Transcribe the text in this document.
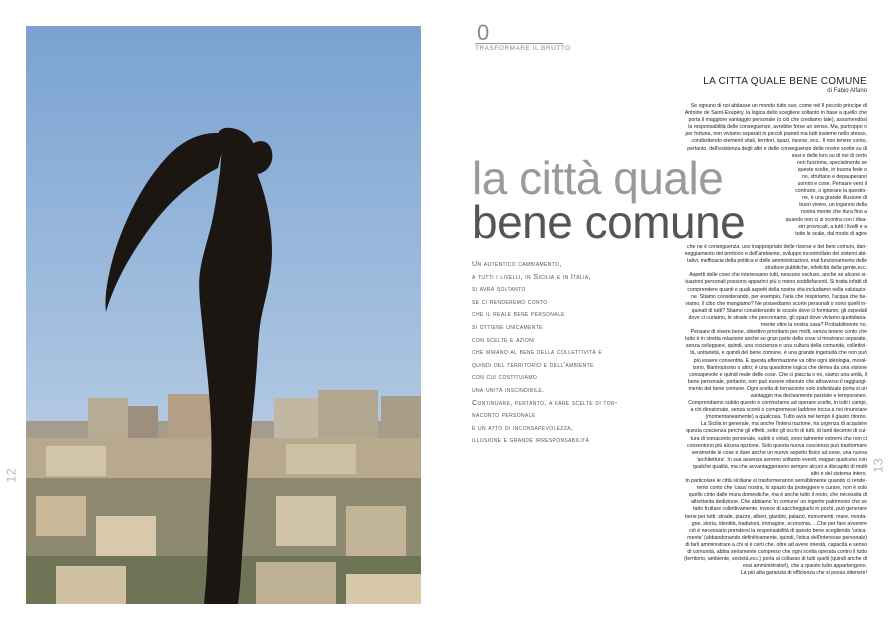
12
13
0
TRASFORMARE IL BRUTTO
LA CITTA QUALE BENE COMUNE
di Fabio Alfano
la città quale
bene comune
Un autentico cambiamento,
a tutti i livelli, in Sicilia e in Italia,
si avrà soltanto
se ci renderemo conto
che il reale bene personale
si ottiene unicamente
con scelte e azioni
che mirano al bene della collettività e
quindi del territorio e dell'ambiente
con cui costituiamo
una unità inscindibile.
Continuare, pertanto, a fare scelte di tor-
naconto personale
è un atto di inconsapevolezza,
illusione e grande irresponsabilità

Se ognuno di noi abitasse un mondo tutto suo, come nel Il piccolo principe di

Antoine de Saint-Exupéry, la logica dello scegliere soltanto in base a quello che

porta il maggiore vantaggio personale (o ciò che crediamo tale), assumendosi

la responsabilità delle conseguenze, avrebbe forse un senso. Ma, purtroppo o

per fortuna, non viviamo separati in piccoli pianeti ma tutti insieme nello stesso,

condividendo elementi vitali, territori, spazi, risorse, ecc.. Il non tenere conto,

pertanto, dell'esistenza degli altri e delle conseguenze delle nostre scelte su di

essi e delle loro su di noi di certo

non funziona, specialmente se

queste scelte, in buona fede o

no, sfruttano e depauperano

uomini e cose. Pensare vero il

contrario, o ignorare la questio-

ne, è una grande illusione di

buon vivere, un inganno della

nostra mente che dura fino a

quando non ci si scontra con i disa-

stri provocati, a tutti i livelli e a

tutte le scale, dal modo di agire

che ne è conseguenza: uso inappropriato delle risorse e dei beni comuni, dan-

neggiamento del territorio e dell'ambiente, sviluppo incontrollato dei sistemi abi-

tativi, inefficacia della politica e delle amministrazioni, mal funzionamento delle

strutture pubbliche, infelicità della gente,ecc.

Aspetti delle cose che interessano tutti, nessuno escluso, anche se alcune si-

tuazioni personali possono apparirci più o meno soddisfacenti. Si tratta infatti di

comprendere quanti e quali aspetti della nostra vita includiamo nella valutazio-

ne. Stiamo considerando, per esempio, l'aria che respiriamo, l'acqua che be-

viamo, il cibo che mangiamo? Ne possediamo scorte personali o sono quelli in-

quinati di tutti? Stiamo considerando le scuole dove ci formiamo, gli ospedali

dove ci curiamo, le strade che percorriamo, gli spazi dove viviamo quotidiana-

mente oltre la nostra casa? Probabilmente no.

Pensare di vivere bene, obiettivo prioritario per molti, senza tenere conto che

tutto è in stretta relazione anche se gran parte delle cose si mostrano separate,

senza sviluppare, quindi, una coscienza e una cultura della comunità, collettivi-

tà, unitarietà, e quindi del bene comune, è una grande ingenuità che non può

più essere consentita. E questa affermazione va oltre ogni ideologia, moral-

ismo, filantropismo o altro; è una questione logica che deriva da una visione

consapevole e quindi reale delle cose. Che ci piaccia o no, siamo una unità, il

bene personale, pertanto, non può essere ottenuto che attraverso il raggiungi-

mento del bene comune. Ogni scelta di tornaconto solo individuale porta si un

vantaggio ma decisamente parziale e temporaneo.

Comprendiamo subito questo e cominciamo ad operare scelte, in tutti i campi,

a ciò direzionate, senza sconti o compromessi laddove tocca a noi rinunciare

(momentaneamente) a qualcosa. Tutto avrà nel tempo il giusto ritorno.

La Sicilia in generale, ma anche l'intera nazione, ha urgenza di acquisire

questa coscienza perché gli effetti, sotto gli occhi di tutti, di tanti decenni di cul-

tura di tornaconto personale, subiti o voluti, sono talmente estremi che non ci

consentono più alcuna opzione. Solo questa nuova coscienza può trasformare

veramente le cose e dare anche un nuovo aspetto fisico ad esse, una nuova

'architettura'. In sua assenza avremo soltanto eventi, magari qualcuno con

qualche qualità, ma che avvantaggeranno sempre alcuni a discapito di molti

altri e del sistema intero.

In particolare le città siciliane si trasformeranno sensibilmente quando ci rende-

remo conto che 'casa' nostra, lo spazio da proteggere e curare, non è solo

quello cinto dalle mura domestiche, ma è anche tutto il resto, che necessita di

altrettanta dedizione. Che abbiamo 'in comune' un ingente patrimonio che se

fatto fruttare collettivamente, invece di saccheggiarlo in pochi, può generare

bene per tutti: strade, piazze, alberi, giardini, palazzi, monumenti, mare, monta-

gne, storia, identità, tradizioni, immagine, economia, ...Che per fare avvenire

ciò è necessario prendersi la responsabilità di questo bene scegliendo 'unica-

mente' (abbandonando definitivamente, quindi, l'etica dell'interesse personale)

di farli amministrare a chi si è certi che, oltre ad avere onestà, capacità e senso

di comunità, abbia seriamente compreso che ogni scelta operata contro il tutto

(territorio, ambiente, società,ecc.) porta al collasso di tutti quelli (quindi anche di

essi amministratori), che a questo tutto appartengono.

La più alta garanzia di efficienza che si possa ottenere!
